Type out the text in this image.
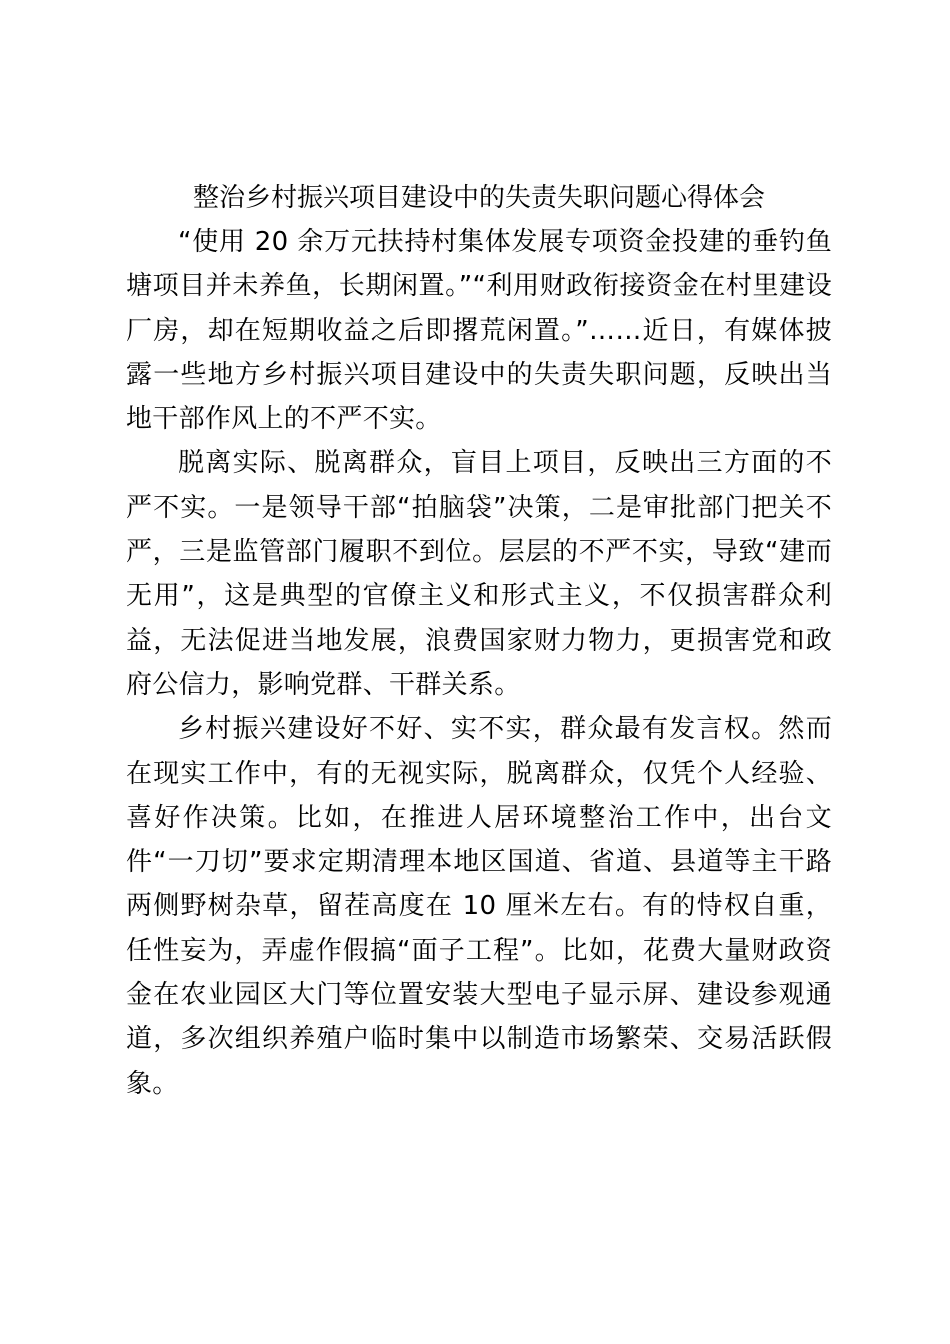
整治乡村振兴项目建设中的失责失职问题心得体会

“使用 20 余万元扶持村集体发展专项资金投建的垂钓鱼塘项目并未养鱼，长期闲置。”“利用财政衔接资金在村里建设厂房，却在短期收益之后即撂荒闲置。”……近日，有媒体披露一些地方乡村振兴项目建设中的失责失职问题，反映出当地干部作风上的不严不实。

脱离实际、脱离群众，盲目上项目，反映出三方面的不严不实。一是领导干部“拍脑袋”决策，二是审批部门把关不严，三是监管部门履职不到位。层层的不严不实，导致“建而无用”，这是典型的官僚主义和形式主义，不仅损害群众利益，无法促进当地发展，浪费国家财力物力，更损害党和政府公信力，影响党群、干群关系。

乡村振兴建设好不好、实不实，群众最有发言权。然而在现实工作中，有的无视实际，脱离群众，仅凭个人经验、喜好作决策。比如，在推进人居环境整治工作中，出台文件“一刀切”要求定期清理本地区国道、省道、县道等主干路两侧野树杂草，留茬高度在 10 厘米左右。有的恃权自重，任性妄为，弄虚作假搞“面子工程”。比如，花费大量财政资金在农业园区大门等位置安装大型电子显示屏、建设参观通道，多次组织养殖户临时集中以制造市场繁荣、交易活跃假象。
